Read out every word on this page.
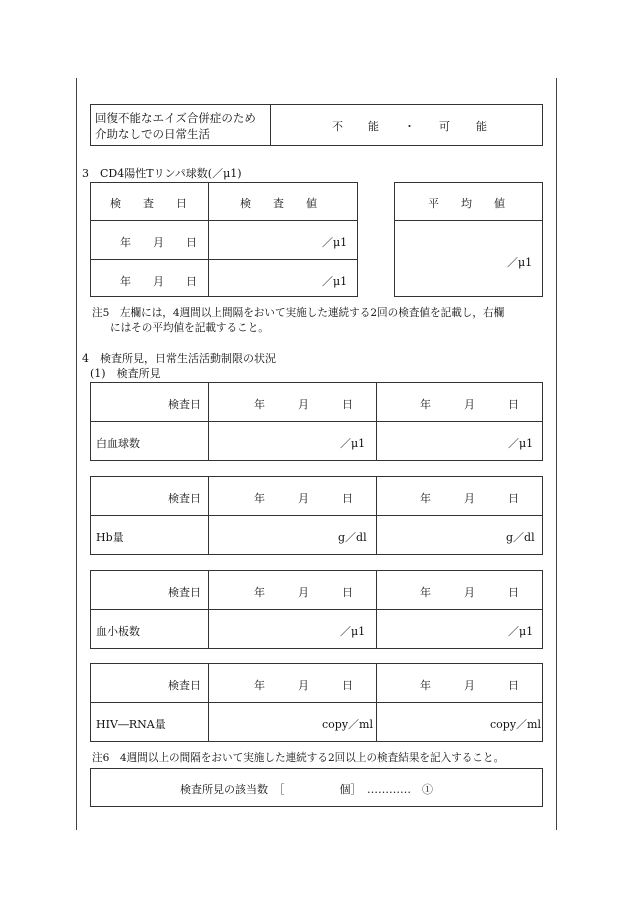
回復不能なエイズ合併症のため
介助なしでの日常生活
不 能 ・ 可 能
3　CD4陽性Tリンパ球数(／μ1)
検　　査　　日	検　　査　　値
年　　月　　日	／μ1
年　　月　　日	／μ1
平　　均　　値
／μ1
注5　左欄には，4週間以上間隔をおいて実施した連続する2回の検査値を記載し，右欄
にはその平均値を記載すること。
4　検査所見，日常生活活動制限の状況
(1)　検査所見
検査日	年　　　月　　　日	年　　　月　　　日
白血球数	／μ1	／μ1
検査日	年　　　月　　　日	年　　　月　　　日
Hb量	g／dl	g／dl
検査日	年　　　月　　　日	年　　　月　　　日
血小板数	／μ1	／μ1
検査日	年　　　月　　　日	年　　　月　　　日
HIV―RNA量	copy／ml	copy／ml
注6　4週間以上の間隔をおいて実施した連続する2回以上の検査結果を記入すること。
検査所見の該当数　［　　　　　個］　…………　①
